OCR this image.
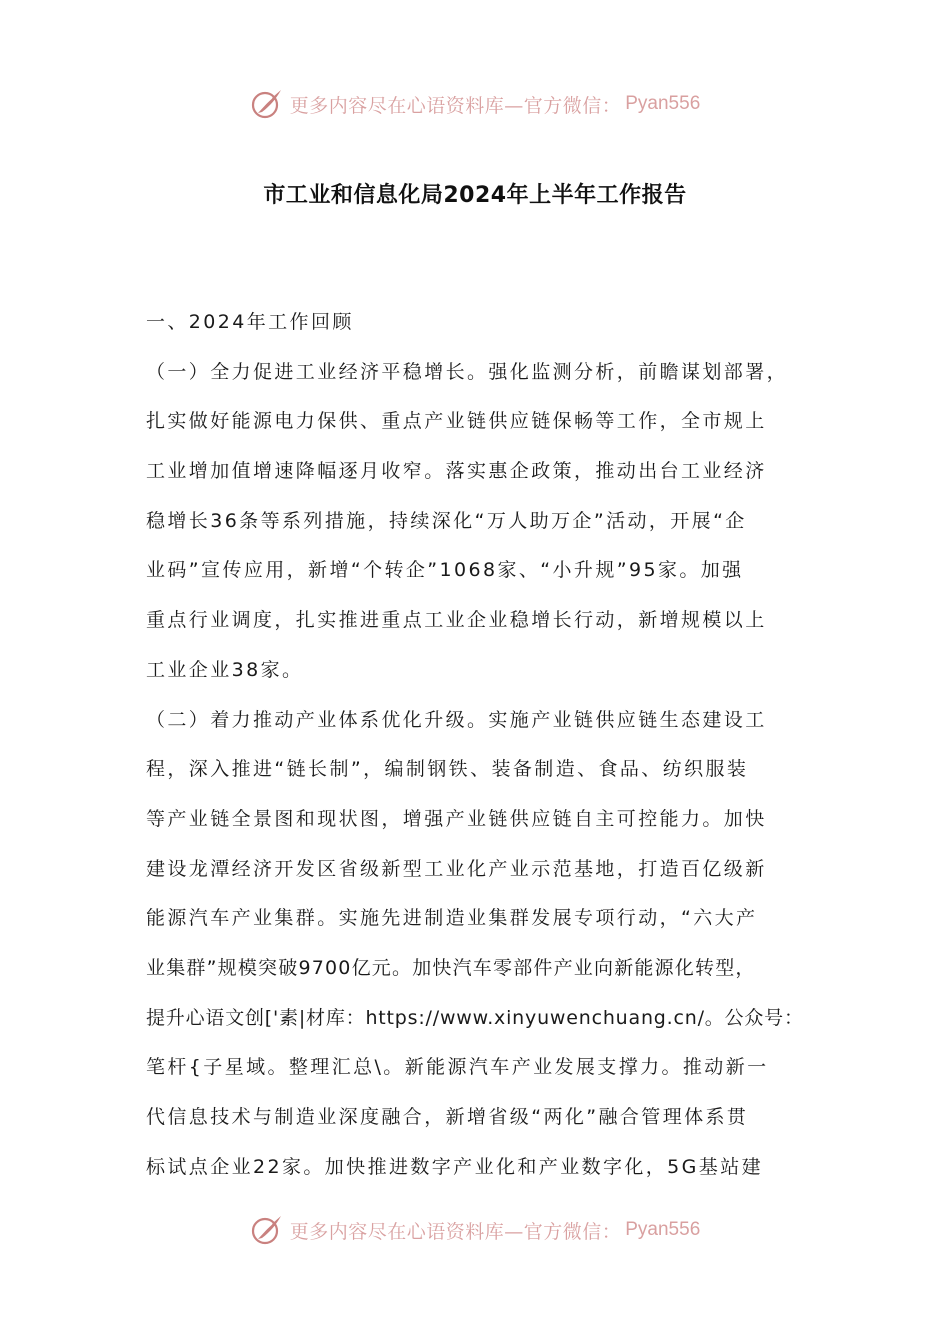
更多内容尽在心语资料库—官方微信： Pyan556
市工业和信息化局2024年上半年工作报告
一、2024年工作回顾
（一）全力促进工业经济平稳增长。强化监测分析，前瞻谋划部署，
扎实做好能源电力保供、重点产业链供应链保畅等工作，全市规上
工业增加值增速降幅逐月收窄。落实惠企政策，推动出台工业经济
稳增长36条等系列措施，持续深化“万人助万企”活动，开展“企
业码”宣传应用，新增“个转企”1068家、“小升规”95家。加强
重点行业调度，扎实推进重点工业企业稳增长行动，新增规模以上
工业企业38家。
（二）着力推动产业体系优化升级。实施产业链供应链生态建设工
程，深入推进“链长制”，编制钢铁、装备制造、食品、纺织服装
等产业链全景图和现状图，增强产业链供应链自主可控能力。加快
建设龙潭经济开发区省级新型工业化产业示范基地，打造百亿级新
能源汽车产业集群。实施先进制造业集群发展专项行动，“六大产
业集群”规模突破9700亿元。加快汽车零部件产业向新能源化转型，
提升心语文创['素|材库：https://www.xinyuwenchuang.cn/。公众号：
笔杆{子星域。整理汇总\。新能源汽车产业发展支撑力。推动新一
代信息技术与制造业深度融合，新增省级“两化”融合管理体系贯
标试点企业22家。加快推进数字产业化和产业数字化，5G基站建
更多内容尽在心语资料库—官方微信： Pyan556
